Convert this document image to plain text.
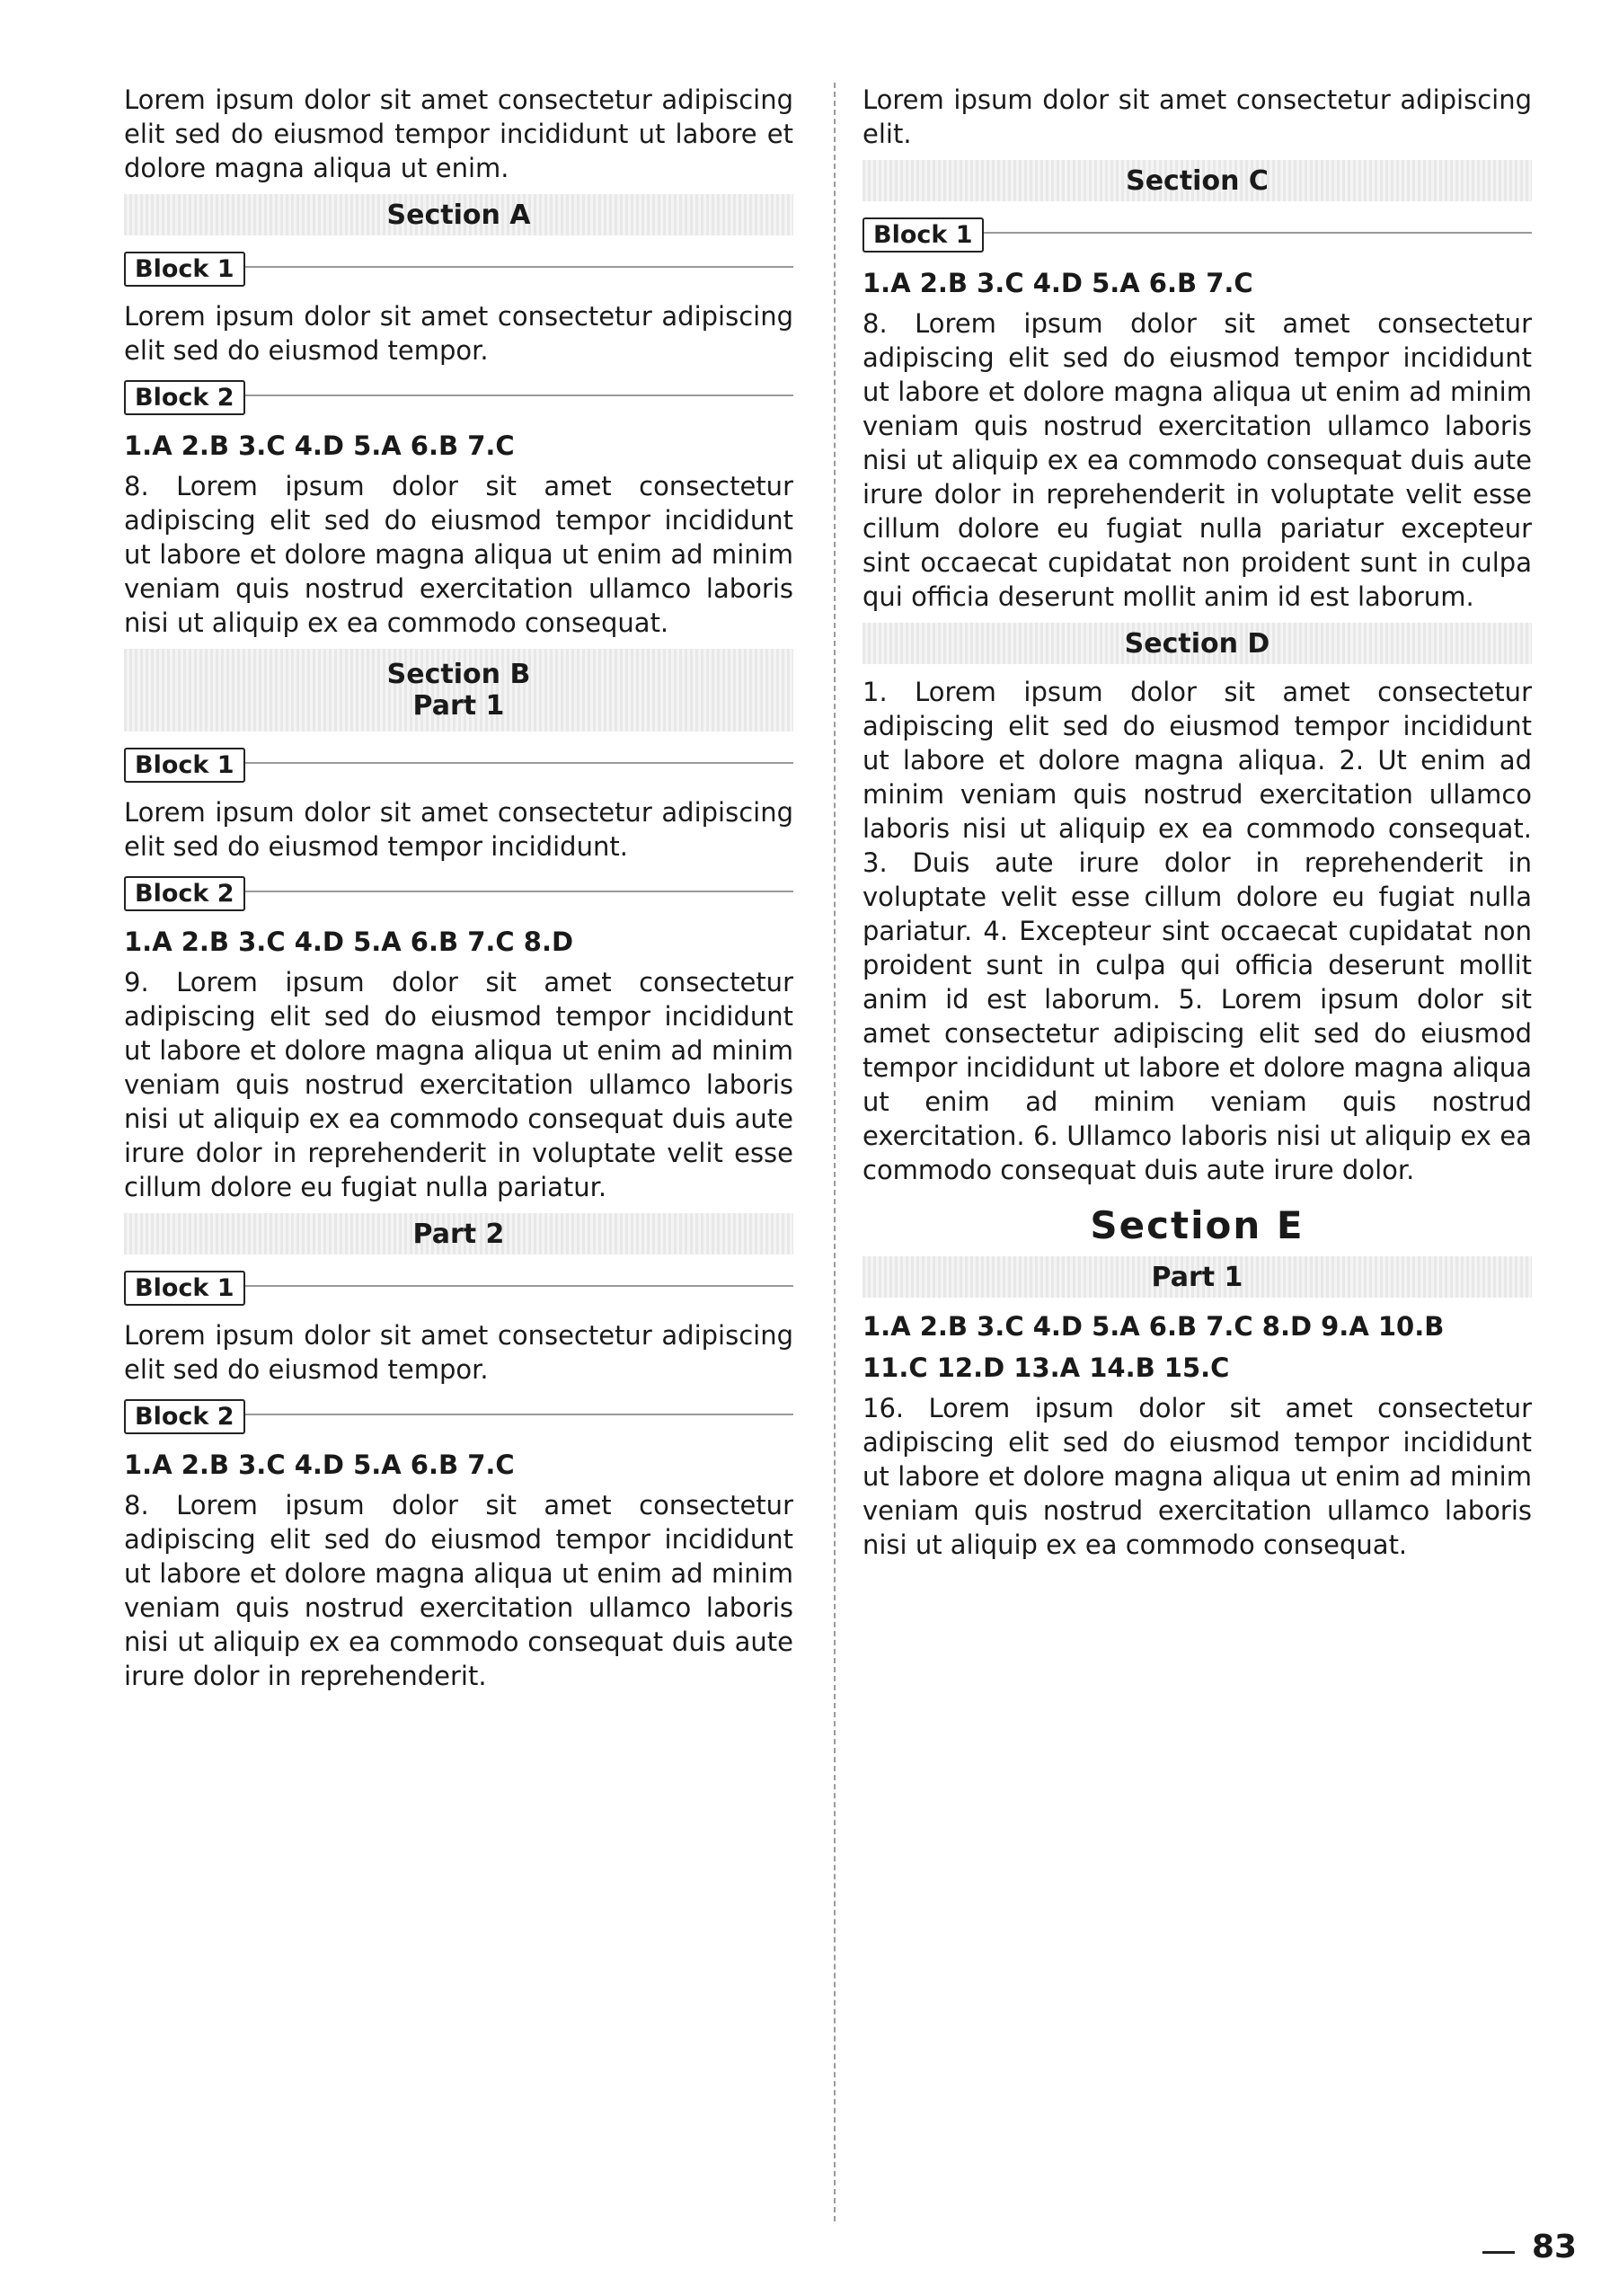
Lorem ipsum dolor sit amet consectetur adipiscing elit sed do eiusmod tempor incididunt ut labore et dolore magna aliqua ut enim.

Section A
Block 1

Lorem ipsum dolor sit amet consectetur adipiscing elit sed do eiusmod tempor.

Block 2
1.A 2.B 3.C 4.D 5.A 6.B 7.C

8. Lorem ipsum dolor sit amet consectetur adipiscing elit sed do eiusmod tempor incididunt ut labore et dolore magna aliqua ut enim ad minim veniam quis nostrud exercitation ullamco laboris nisi ut aliquip ex ea commodo consequat.

Section B
Part 1
Block 1

Lorem ipsum dolor sit amet consectetur adipiscing elit sed do eiusmod tempor incididunt.

Block 2
1.A 2.B 3.C 4.D 5.A 6.B 7.C 8.D

9. Lorem ipsum dolor sit amet consectetur adipiscing elit sed do eiusmod tempor incididunt ut labore et dolore magna aliqua ut enim ad minim veniam quis nostrud exercitation ullamco laboris nisi ut aliquip ex ea commodo consequat duis aute irure dolor in reprehenderit in voluptate velit esse cillum dolore eu fugiat nulla pariatur.

Part 2
Block 1

Lorem ipsum dolor sit amet consectetur adipiscing elit sed do eiusmod tempor.

Block 2
1.A 2.B 3.C 4.D 5.A 6.B 7.C

8. Lorem ipsum dolor sit amet consectetur adipiscing elit sed do eiusmod tempor incididunt ut labore et dolore magna aliqua ut enim ad minim veniam quis nostrud exercitation ullamco laboris nisi ut aliquip ex ea commodo consequat duis aute irure dolor in reprehenderit.

Lorem ipsum dolor sit amet consectetur adipiscing elit.

Section C
Block 1
1.A 2.B 3.C 4.D 5.A 6.B 7.C

8. Lorem ipsum dolor sit amet consectetur adipiscing elit sed do eiusmod tempor incididunt ut labore et dolore magna aliqua ut enim ad minim veniam quis nostrud exercitation ullamco laboris nisi ut aliquip ex ea commodo consequat duis aute irure dolor in reprehenderit in voluptate velit esse cillum dolore eu fugiat nulla pariatur excepteur sint occaecat cupidatat non proident sunt in culpa qui officia deserunt mollit anim id est laborum.

Section D

1. Lorem ipsum dolor sit amet consectetur adipiscing elit sed do eiusmod tempor incididunt ut labore et dolore magna aliqua. 2. Ut enim ad minim veniam quis nostrud exercitation ullamco laboris nisi ut aliquip ex ea commodo consequat. 3. Duis aute irure dolor in reprehenderit in voluptate velit esse cillum dolore eu fugiat nulla pariatur. 4. Excepteur sint occaecat cupidatat non proident sunt in culpa qui officia deserunt mollit anim id est laborum. 5. Lorem ipsum dolor sit amet consectetur adipiscing elit sed do eiusmod tempor incididunt ut labore et dolore magna aliqua ut enim ad minim veniam quis nostrud exercitation. 6. Ullamco laboris nisi ut aliquip ex ea commodo consequat duis aute irure dolor.

Section E
Part 1
1.A 2.B 3.C 4.D 5.A 6.B 7.C 8.D 9.A 10.B
11.C 12.D 13.A 14.B 15.C

16. Lorem ipsum dolor sit amet consectetur adipiscing elit sed do eiusmod tempor incididunt ut labore et dolore magna aliqua ut enim ad minim veniam quis nostrud exercitation ullamco laboris nisi ut aliquip ex ea commodo consequat.

83
